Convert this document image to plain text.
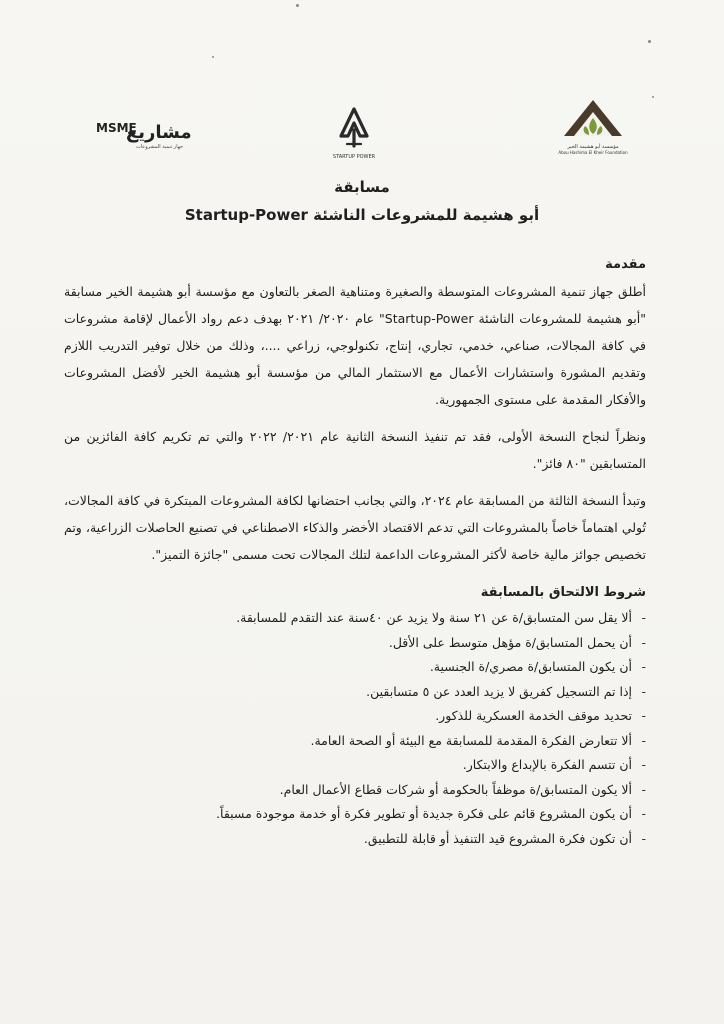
MSME
مشاريع
جهاز تنمية المشروعات
STARTUP POWER
مؤسسة أبو هشيمة الخير
Abou Hashima El Kheir Foundation

مسابقة

أبو هشيمة للمشروعات الناشئة Startup-Power

مقدمة

أطلق جهاز تنمية المشروعات المتوسطة والصغيرة ومتناهية الصغر بالتعاون مع مؤسسة أبو هشيمة الخير مسابقة "أبو هشيمة للمشروعات الناشئة Startup-Power" عام ٢٠٢٠/ ٢٠٢١ بهدف دعم رواد الأعمال لإقامة مشروعات في كافة المجالات، صناعي، خدمي، تجاري، إنتاج، تكنولوجي، زراعي ....، وذلك من خلال توفير التدريب اللازم وتقديم المشورة واستشارات الأعمال مع الاستثمار المالي من مؤسسة أبو هشيمة الخير لأفضل المشروعات والأفكار المقدمة على مستوى الجمهورية.

ونظراً لنجاح النسخة الأولى، فقد تم تنفيذ النسخة الثانية عام ٢٠٢١/ ٢٠٢٢ والتي تم تكريم كافة الفائزين من المتسابقين "٨٠ فائز".

وتبدأ النسخة الثالثة من المسابقة عام ٢٠٢٤، والتي بجانب احتضانها لكافة المشروعات المبتكرة في كافة المجالات، تُولي اهتماماً خاصاً بالمشروعات التي تدعم الاقتصاد الأخضر والذكاء الاصطناعي في تصنيع الحاصلات الزراعية، وتم تخصيص جوائز مالية خاصة لأكثر المشروعات الداعمة لتلك المجالات تحت مسمى "جائزة التميز".

شروط الالتحاق بالمسابقة

- ألا يقل سن المتسابق/ة عن ٢١ سنة ولا يزيد عن ٤٠سنة عند التقدم للمسابقة.
- أن يحمل المتسابق/ة مؤهل متوسط على الأقل.
- أن يكون المتسابق/ة مصري/ة الجنسية.
- إذا تم التسجيل كفريق لا يزيد العدد عن ٥ متسابقين.
- تحديد موقف الخدمة العسكرية للذكور.
- ألا تتعارض الفكرة المقدمة للمسابقة مع البيئة أو الصحة العامة.
- أن تتسم الفكرة بالإبداع والابتكار.
- ألا يكون المتسابق/ة موظفاً بالحكومة أو شركات قطاع الأعمال العام.
- أن يكون المشروع قائم على فكرة جديدة أو تطوير فكرة أو خدمة موجودة مسبقاً.
- أن تكون فكرة المشروع قيد التنفيذ أو قابلة للتطبيق.
